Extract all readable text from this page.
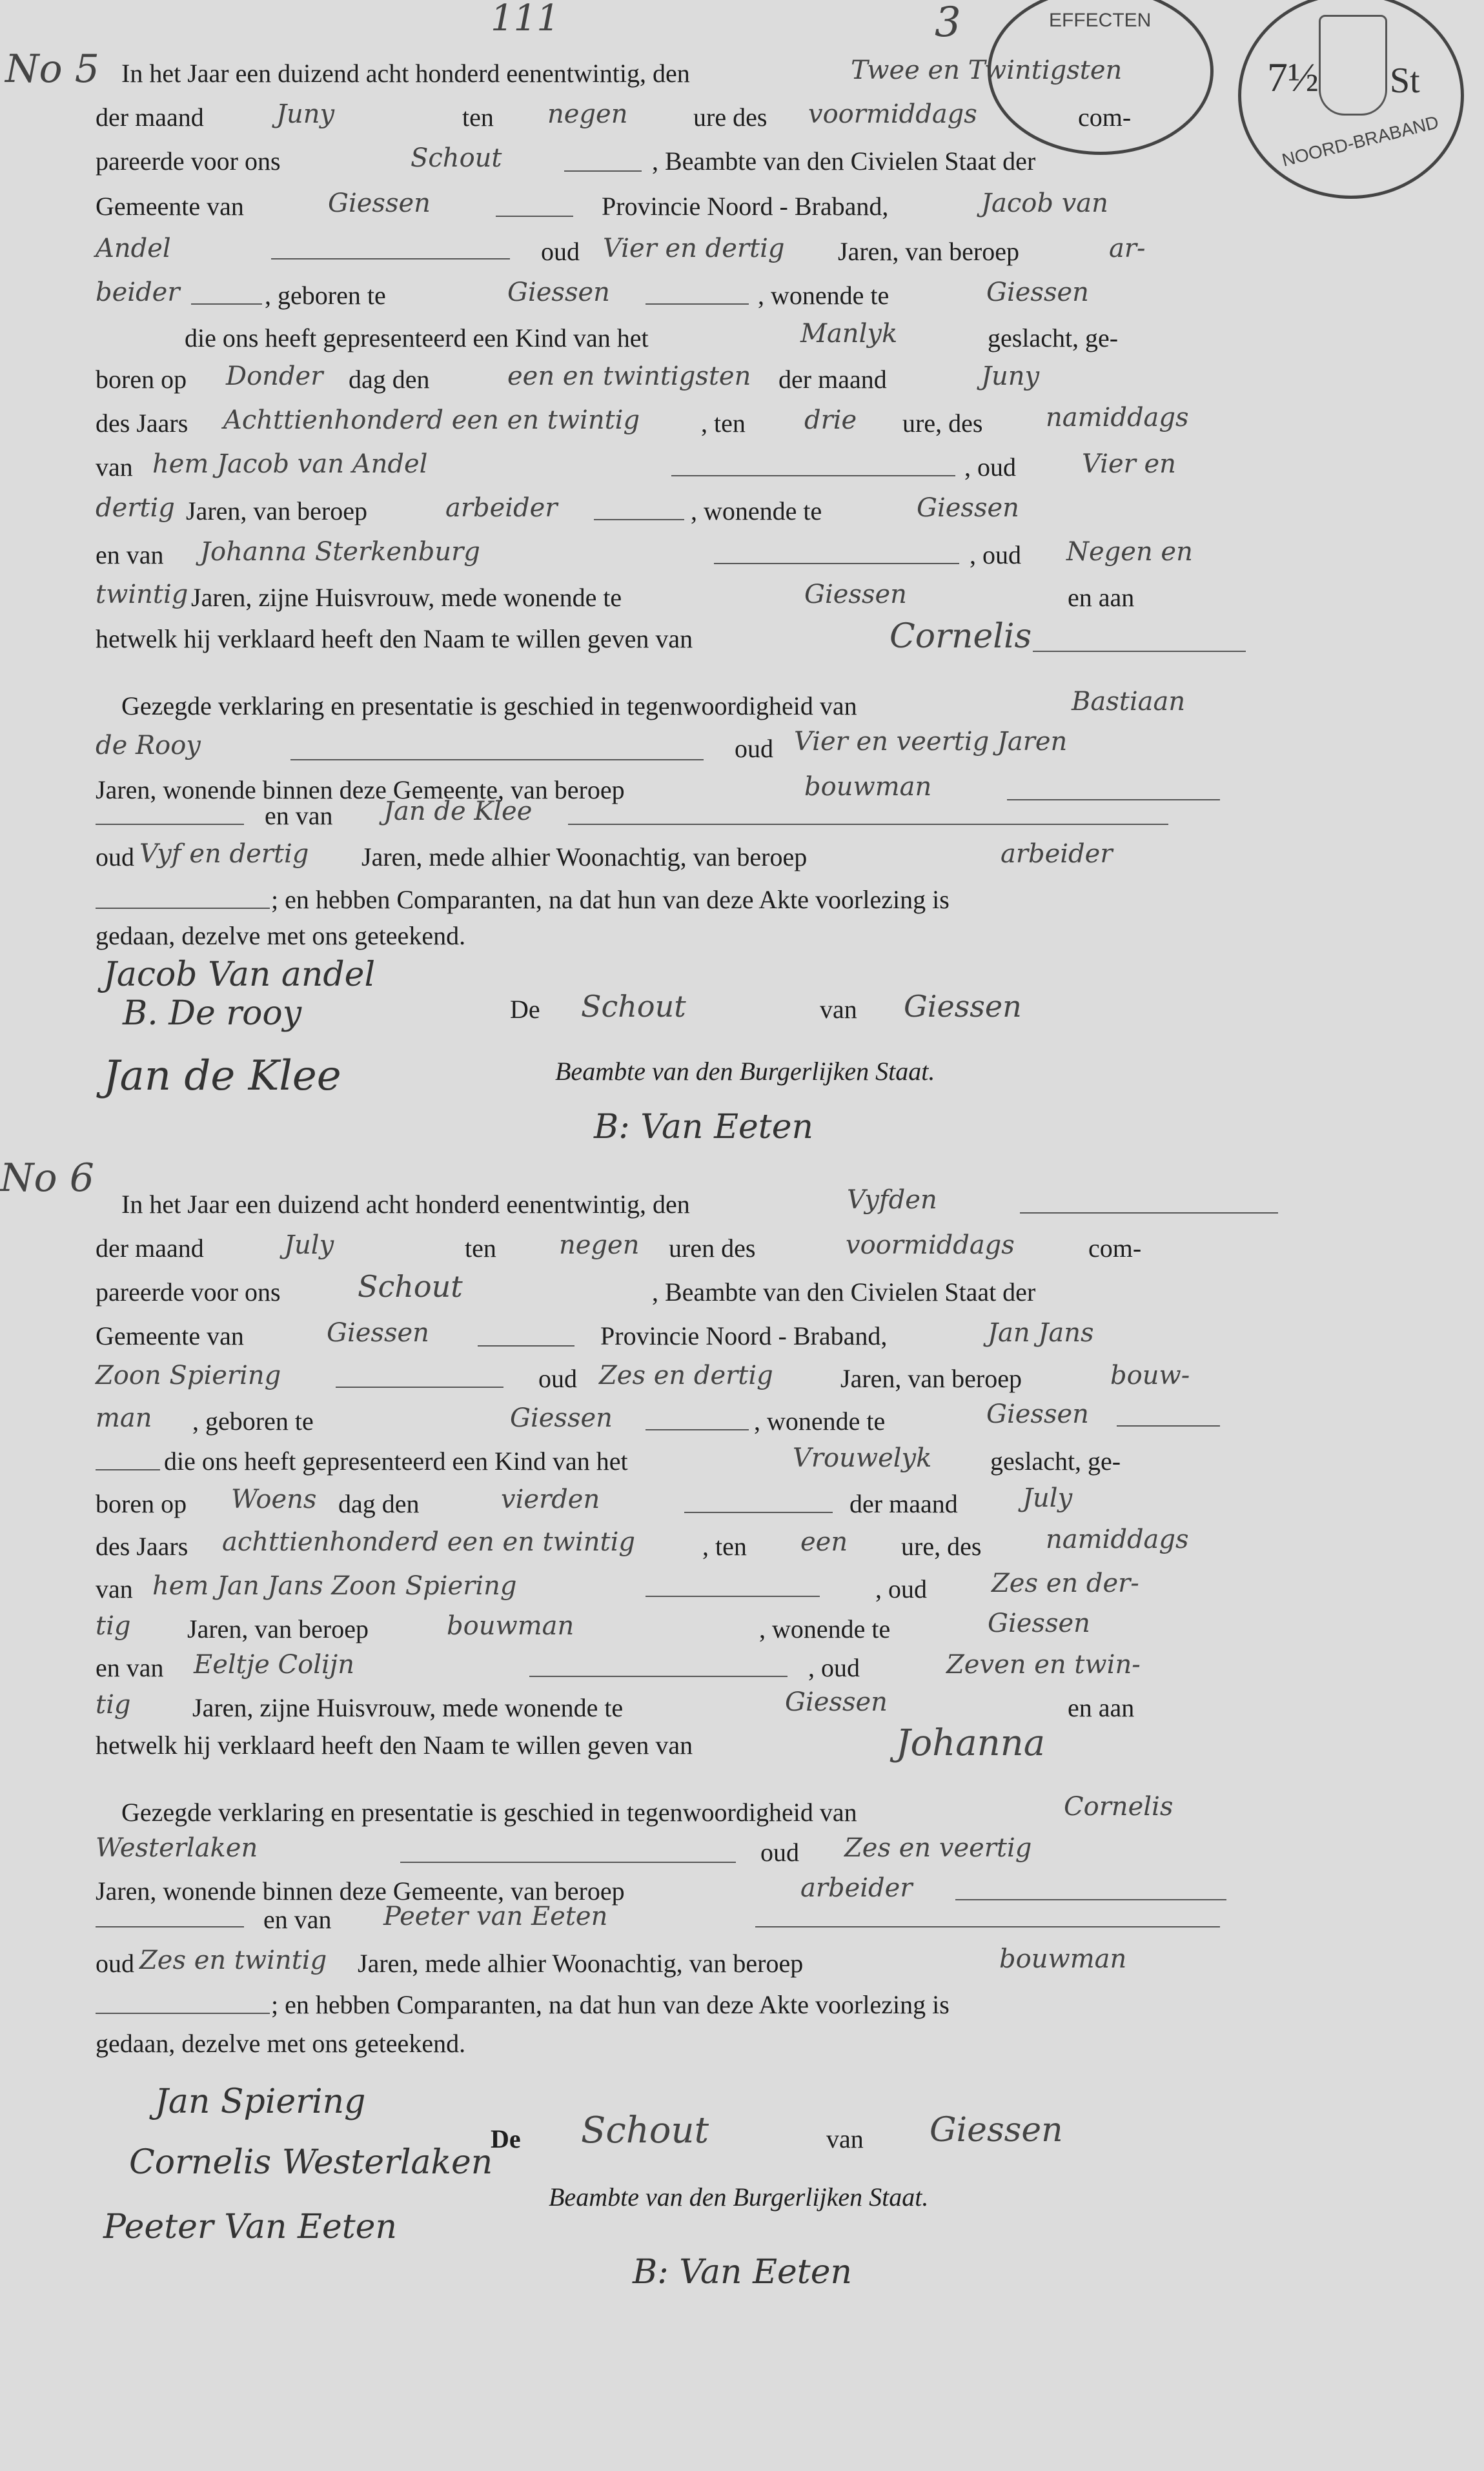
EFFECTEN
7½ St
NOORD-BRABAND
111	3
No 5 In het Jaar een duizend acht honderd eenentwintig, den	Twee en Twintigsten
der maand	Juny	ten negen	ure des voormiddags	com-
pareerde voor ons	Schout	, Beambte van den Civielen Staat der
Gemeente van	Giessen	Provincie Noord - Braband,	Jacob van
Andel	oud Vier en dertig Jaren, van beroep	ar-
beider	, geboren te	Giessen	, wonende te	Giessen
die ons heeft gepresenteerd een Kind van het	Manlyk	geslacht, ge-
boren op Donder dag den	een en twintigsten der maand	Juny
des Jaars Achttienhonderd een en twintig , ten drie ure, des namiddags
van hem Jacob van Andel	, oud	Vier en
dertig Jaren, van beroep	arbeider	, wonende te	Giessen
en van Johanna Sterkenburg	, oud Negen en
twintig Jaren, zijne Huisvrouw, mede wonende te	Giessen	en aan
hetwelk hij verklaard heeft den Naam te willen geven van	Cornelis
Gezegde verklaring en presentatie is geschied in tegenwoordigheid van	Bastiaan
de Rooy	oud Vier en veertig Jaren
Jaren, wonende binnen deze Gemeente, van beroep	bouwman
en van Jan de Klee
oud Vyf en dertig Jaren, mede alhier Woonachtig, van beroep	arbeider
; en hebben Comparanten, na dat hun van deze Akte voorlezing is
gedaan, dezelve met ons geteekend.
Jacob Van andel
B. De rooy
Jan de Klee
De Schout	van Giessen
Beambte van den Burgerlijken Staat.
B: Van Eeten
No 6
In het Jaar een duizend acht honderd eenentwintig, den	Vyfden
der maand	July	ten negen uren des	voormiddags	com-
pareerde voor ons	Schout	, Beambte van den Civielen Staat der
Gemeente van	Giessen	Provincie Noord - Braband,	Jan Jans
Zoon Spiering	oud Zes en dertig	Jaren, van beroep	bouw-
man , geboren te	Giessen	, wonende te	Giessen
die ons heeft gepresenteerd een Kind van het	Vrouwelyk geslacht, ge-
boren op Woens dag den	vierden	der maand	July
des Jaars achttienhonderd een en twintig	, ten een ure, des namiddags
van hem Jan Jans Zoon Spiering	, oud	Zes en der-
tig Jaren, van beroep	bouwman	, wonende te	Giessen
en van Eeltje Colijn	, oud	Zeven en twin-
tig Jaren, zijne Huisvrouw, mede wonende te	Giessen	en aan
hetwelk hij verklaard heeft den Naam te willen geven van	Johanna
Gezegde verklaring en presentatie is geschied in tegenwoordigheid van	Cornelis
Westerlaken	oud Zes en veertig
Jaren, wonende binnen deze Gemeente, van beroep	arbeider
en van Peeter van Eeten
oud Zes en twintig Jaren, mede alhier Woonachtig, van beroep	bouwman
; en hebben Comparanten, na dat hun van deze Akte voorlezing is
gedaan, dezelve met ons geteekend.
Jan Spiering
Cornelis Westerlaken
Peeter Van Eeten
De Schout	van Giessen
Beambte van den Burgerlijken Staat.
B: Van Eeten
